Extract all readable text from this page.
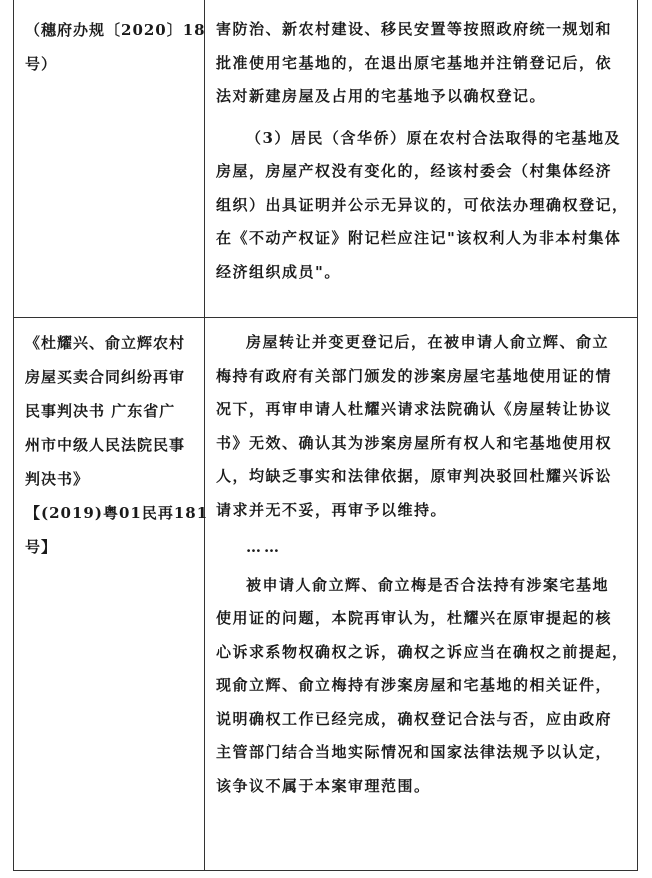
（穗府办规〔2020〕18
号）
害防治、新农村建设、移民安置等按照政府统一规划和
批准使用宅基地的，在退出原宅基地并注销登记后，依
法对新建房屋及占用的宅基地予以确权登记。
（3）居民（含华侨）原在农村合法取得的宅基地及
房屋，房屋产权没有变化的，经该村委会（村集体经济
组织）出具证明并公示无异议的，可依法办理确权登记，
在《不动产权证》附记栏应注记"该权利人为非本村集体
经济组织成员"。
《杜耀兴、俞立辉农村
房屋买卖合同纠纷再审
民事判决书 广东省广
州市中级人民法院民事
判决书》
【(2019)粤01民再181
号】
房屋转让并变更登记后，在被申请人俞立辉、俞立
梅持有政府有关部门颁发的涉案房屋宅基地使用证的情
况下，再审申请人杜耀兴请求法院确认《房屋转让协议
书》无效、确认其为涉案房屋所有权人和宅基地使用权
人，均缺乏事实和法律依据，原审判决驳回杜耀兴诉讼
请求并无不妥，再审予以维持。
……
被申请人俞立辉、俞立梅是否合法持有涉案宅基地
使用证的问题，本院再审认为，杜耀兴在原审提起的核
心诉求系物权确权之诉，确权之诉应当在确权之前提起，
现俞立辉、俞立梅持有涉案房屋和宅基地的相关证件，
说明确权工作已经完成，确权登记合法与否，应由政府
主管部门结合当地实际情况和国家法律法规予以认定，
该争议不属于本案审理范围。
